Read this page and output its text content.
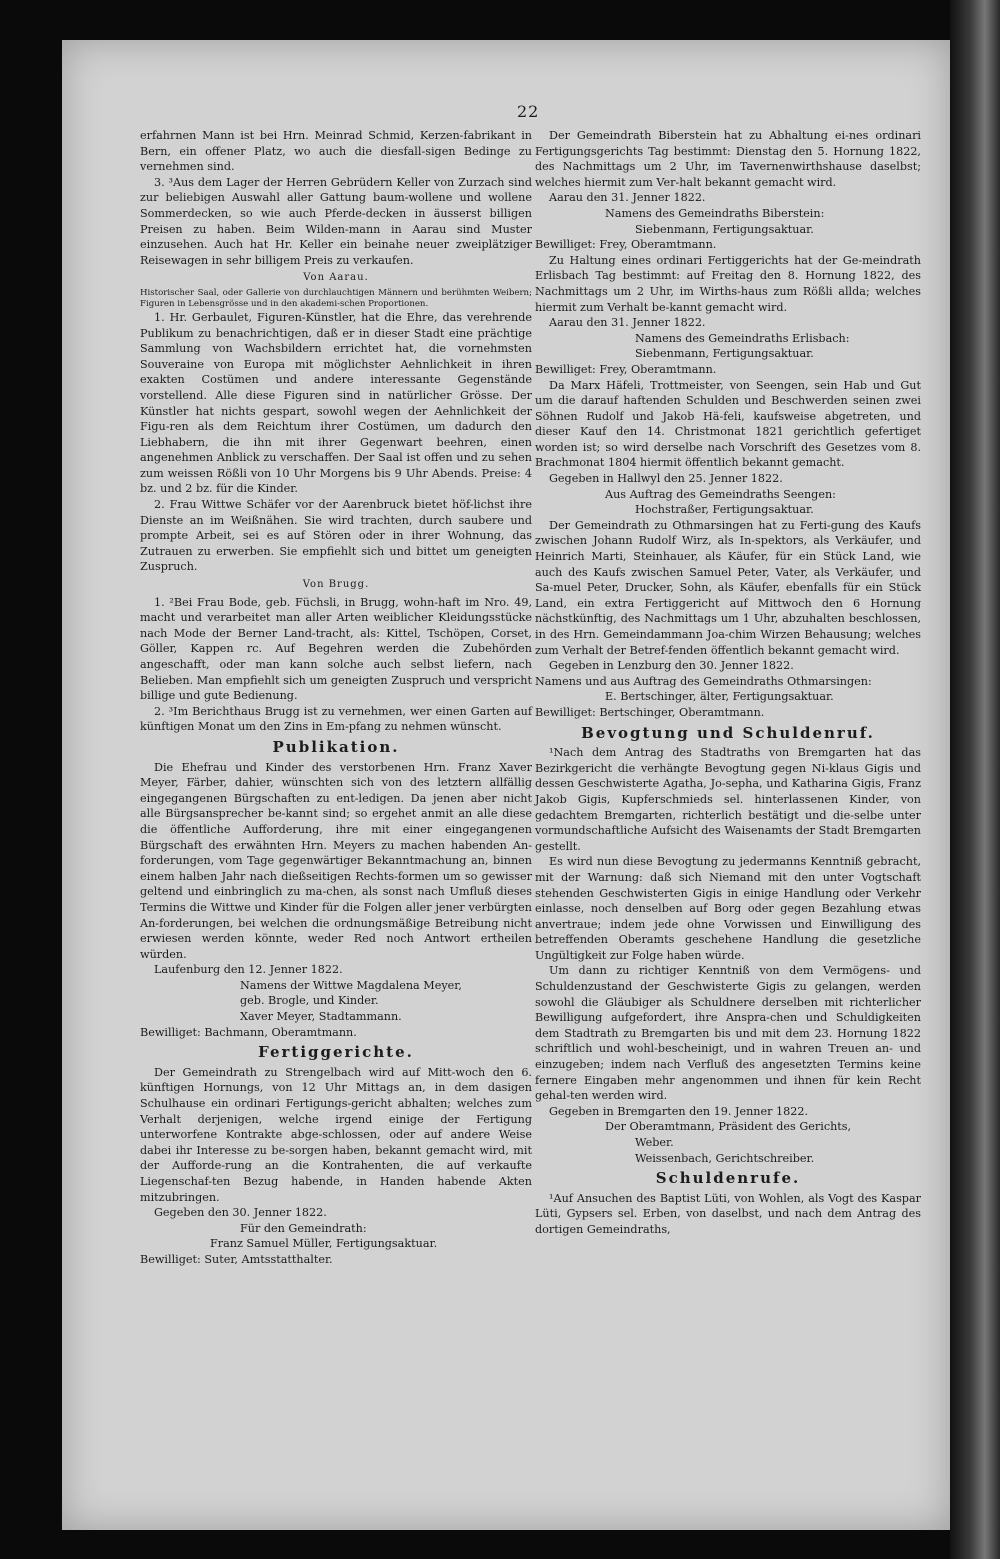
22

erfahrnen Mann ist bei Hrn. Meinrad Schmid, Kerzen-fabrikant in Bern, ein offener Platz, wo auch die diesfall-sigen Bedinge zu vernehmen sind.

3. ³Aus dem Lager der Herren Gebrüdern Keller von Zurzach sind zur beliebigen Auswahl aller Gattung baum-wollene und wollene Sommerdecken, so wie auch Pferde-decken in äusserst billigen Preisen zu haben. Beim Wilden-mann in Aarau sind Muster einzusehen. Auch hat Hr. Keller ein beinahe neuer zweiplätziger Reisewagen in sehr billigem Preis zu verkaufen.

Von Aarau.

Historischer Saal, oder Gallerie von durchlauchtigen Männern und berühmten Weibern; Figuren in Lebensgrösse und in den akademi-schen Proportionen.

1. Hr. Gerbaulet, Figuren-Künstler, hat die Ehre, das verehrende Publikum zu benachrichtigen, daß er in dieser Stadt eine prächtige Sammlung von Wachsbildern errichtet hat, die vornehmsten Souveraine von Europa mit möglichster Aehnlichkeit in ihren exakten Costümen und andere interessante Gegenstände vorstellend. Alle diese Figuren sind in natürlicher Grösse. Der Künstler hat nichts gespart, sowohl wegen der Aehnlichkeit der Figu-ren als dem Reichtum ihrer Costümen, um dadurch den Liebhabern, die ihn mit ihrer Gegenwart beehren, einen angenehmen Anblick zu verschaffen. Der Saal ist offen und zu sehen zum weissen Rößli von 10 Uhr Morgens bis 9 Uhr Abends. Preise: 4 bz. und 2 bz. für die Kinder.

2. Frau Wittwe Schäfer vor der Aarenbruck bietet höf-lichst ihre Dienste an im Weißnähen. Sie wird trachten, durch saubere und prompte Arbeit, sei es auf Stören oder in ihrer Wohnung, das Zutrauen zu erwerben. Sie empfiehlt sich und bittet um geneigten Zuspruch.

Von Brugg.

1. ²Bei Frau Bode, geb. Füchsli, in Brugg, wohn-haft im Nro. 49, macht und verarbeitet man aller Arten weiblicher Kleidungsstücke nach Mode der Berner Land-tracht, als: Kittel, Tschöpen, Corset, Göller, Kappen rc. Auf Begehren werden die Zubehörden angeschafft, oder man kann solche auch selbst liefern, nach Belieben. Man empfiehlt sich um geneigten Zuspruch und verspricht billige und gute Bedienung.

2. ³Im Berichthaus Brugg ist zu vernehmen, wer einen Garten auf künftigen Monat um den Zins in Em-pfang zu nehmen wünscht.

Publikation.

Die Ehefrau und Kinder des verstorbenen Hrn. Franz Xaver Meyer, Färber, dahier, wünschten sich von des letztern allfällig eingegangenen Bürgschaften zu ent-ledigen. Da jenen aber nicht alle Bürgsansprecher be-kannt sind; so ergehet anmit an alle diese die öffentliche Aufforderung, ihre mit einer eingegangenen Bürgschaft des erwähnten Hrn. Meyers zu machen habenden An-forderungen, vom Tage gegenwärtiger Bekanntmachung an, binnen einem halben Jahr nach dießseitigen Rechts-formen um so gewisser geltend und einbringlich zu ma-chen, als sonst nach Umfluß dieses Termins die Wittwe und Kinder für die Folgen aller jener verbürgten An-forderungen, bei welchen die ordnungsmäßige Betreibung nicht erwiesen werden könnte, weder Red noch Antwort ertheilen würden.

Laufenburg den 12. Jenner 1822.

Namens der Wittwe Magdalena Meyer,

geb. Brogle, und Kinder.

Xaver Meyer, Stadtammann.

Bewilliget: Bachmann, Oberamtmann.

Fertiggerichte.

Der Gemeindrath zu Strengelbach wird auf Mitt-woch den 6. künftigen Hornungs, von 12 Uhr Mittags an, in dem dasigen Schulhause ein ordinari Fertigungs-gericht abhalten; welches zum Verhalt derjenigen, welche irgend einige der Fertigung unterworfene Kontrakte abge-schlossen, oder auf andere Weise dabei ihr Interesse zu be-sorgen haben, bekannt gemacht wird, mit der Aufforde-rung an die Kontrahenten, die auf verkaufte Liegenschaf-ten Bezug habende, in Handen habende Akten mitzubringen.

Gegeben den 30. Jenner 1822.

Für den Gemeindrath:

Franz Samuel Müller, Fertigungsaktuar.

Bewilliget: Suter, Amtsstatthalter.

Der Gemeindrath Biberstein hat zu Abhaltung ei-nes ordinari Fertigungsgerichts Tag bestimmt: Dienstag den 5. Hornung 1822, des Nachmittags um 2 Uhr, im Tavernenwirthshause daselbst; welches hiermit zum Ver-halt bekannt gemacht wird.

Aarau den 31. Jenner 1822.

Namens des Gemeindraths Biberstein:

Siebenmann, Fertigungsaktuar.

Bewilliget: Frey, Oberamtmann.

Zu Haltung eines ordinari Fertiggerichts hat der Ge-meindrath Erlisbach Tag bestimmt: auf Freitag den 8. Hornung 1822, des Nachmittags um 2 Uhr, im Wirths-haus zum Rößli allda; welches hiermit zum Verhalt be-kannt gemacht wird.

Aarau den 31. Jenner 1822.

Namens des Gemeindraths Erlisbach:

Siebenmann, Fertigungsaktuar.

Bewilliget: Frey, Oberamtmann.

Da Marx Häfeli, Trottmeister, von Seengen, sein Hab und Gut um die darauf haftenden Schulden und Beschwerden seinen zwei Söhnen Rudolf und Jakob Hä-feli, kaufsweise abgetreten, und dieser Kauf den 14. Christmonat 1821 gerichtlich gefertiget worden ist; so wird derselbe nach Vorschrift des Gesetzes vom 8. Brachmonat 1804 hiermit öffentlich bekannt gemacht.

Gegeben in Hallwyl den 25. Jenner 1822.

Aus Auftrag des Gemeindraths Seengen:

Hochstraßer, Fertigungsaktuar.

Der Gemeindrath zu Othmarsingen hat zu Ferti-gung des Kaufs zwischen Johann Rudolf Wirz, als In-spektors, als Verkäufer, und Heinrich Marti, Steinhauer, als Käufer, für ein Stück Land, wie auch des Kaufs zwischen Samuel Peter, Vater, als Verkäufer, und Sa-muel Peter, Drucker, Sohn, als Käufer, ebenfalls für ein Stück Land, ein extra Fertiggericht auf Mittwoch den 6 Hornung nächstkünftig, des Nachmittags um 1 Uhr, abzuhalten beschlossen, in des Hrn. Gemeindammann Joa-chim Wirzen Behausung; welches zum Verhalt der Betref-fenden öffentlich bekannt gemacht wird.

Gegeben in Lenzburg den 30. Jenner 1822.

Namens und aus Auftrag des Gemeindraths Othmarsingen:

E. Bertschinger, älter, Fertigungsaktuar.

Bewilliget: Bertschinger, Oberamtmann.

Bevogtung und Schuldenruf.

¹Nach dem Antrag des Stadtraths von Bremgarten hat das Bezirkgericht die verhängte Bevogtung gegen Ni-klaus Gigis und dessen Geschwisterte Agatha, Jo-sepha, und Katharina Gigis, Franz Jakob Gigis, Kupferschmieds sel. hinterlassenen Kinder, von gedachtem Bremgarten, richterlich bestätigt und die-selbe unter vormundschaftliche Aufsicht des Waisenamts der Stadt Bremgarten gestellt.

Es wird nun diese Bevogtung zu jedermanns Kenntniß gebracht, mit der Warnung: daß sich Niemand mit den unter Vogtschaft stehenden Geschwisterten Gigis in einige Handlung oder Verkehr einlasse, noch denselben auf Borg oder gegen Bezahlung etwas anvertraue; indem jede ohne Vorwissen und Einwilligung des betreffenden Oberamts geschehene Handlung die gesetzliche Ungültigkeit zur Folge haben würde.

Um dann zu richtiger Kenntniß von dem Vermögens- und Schuldenzustand der Geschwisterte Gigis zu gelangen, werden sowohl die Gläubiger als Schuldnere derselben mit richterlicher Bewilligung aufgefordert, ihre Anspra-chen und Schuldigkeiten dem Stadtrath zu Bremgarten bis und mit dem 23. Hornung 1822 schriftlich und wohl-bescheinigt, und in wahren Treuen an- und einzugeben; indem nach Verfluß des angesetzten Termins keine fernere Eingaben mehr angenommen und ihnen für kein Recht gehal-ten werden wird.

Gegeben in Bremgarten den 19. Jenner 1822.

Der Oberamtmann, Präsident des Gerichts,

Weber.

Weissenbach, Gerichtschreiber.

Schuldenrufe.

¹Auf Ansuchen des Baptist Lüti, von Wohlen, als Vogt des Kaspar Lüti, Gypsers sel. Erben, von daselbst, und nach dem Antrag des dortigen Gemeindraths,
